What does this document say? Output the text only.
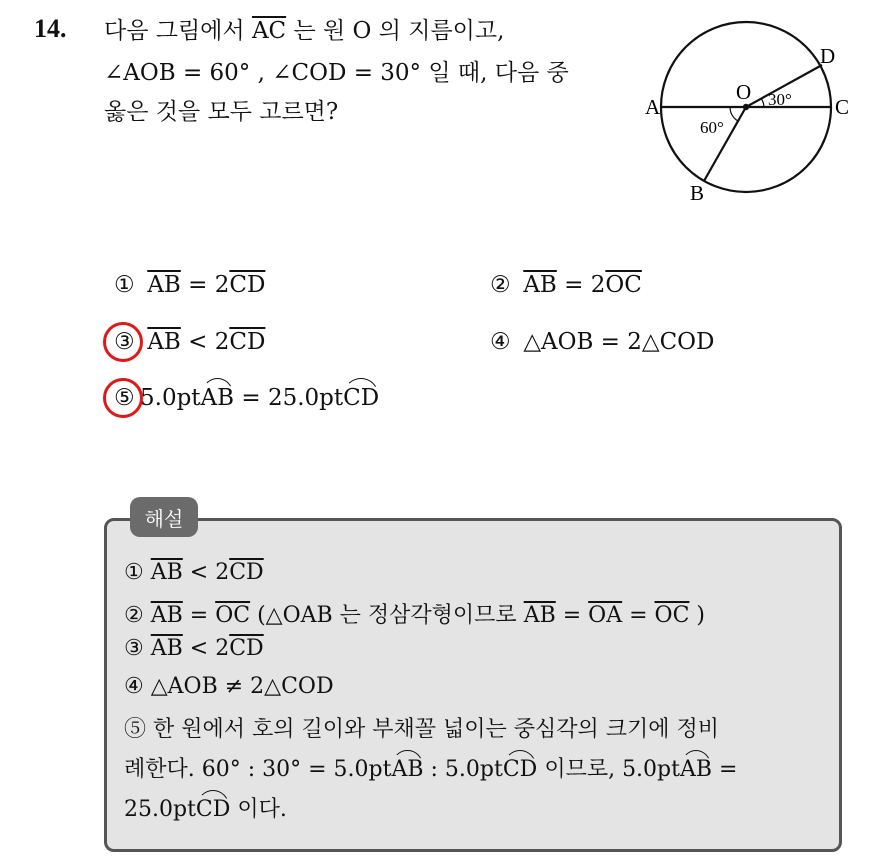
14. 다음 그림에서 $\overline{AC}$ 는 원 O 의 지름이고,
∠AOB = 60° , ∠COD = 30° 일 때, 다음 중
옳은 것을 모두 고르면?	A
B
C
D
O
60°
30°
① $\overline{AB} = 2\overline{CD}$	② $\overline{AB} = 2\overline{OC}$
③ $\overline{AB} < 2\overline{CD}$	④ △AOB = 2△COD
⑤ 5.0ptAB = 25.0ptCD
해설
① $\overline{AB} < 2\overline{CD}$
② $\overline{AB} = \overline{OC}$ (△OAB 는 정삼각형이므로 $\overline{AB} = \overline{OA} = \overline{OC}$ )
③ $\overline{AB} < 2\overline{CD}$
④ △AOB ≠ 2△COD
⑤ 한 원에서 호의 길이와 부채꼴 넓이는 중심각의 크기에 정비
례한다. 60° : 30° = 5.0ptAB : 5.0ptCD 이므로, 5.0ptAB =
25.0ptCD 이다.
